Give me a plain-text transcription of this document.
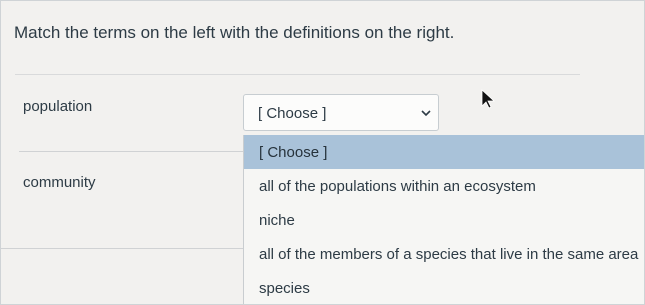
Match the terms on the left with the definitions on the right.
population	[ Choose ]
community
[ Choose ]
all of the populations within an ecosystem
niche
all of the members of a species that live in the same area
species
